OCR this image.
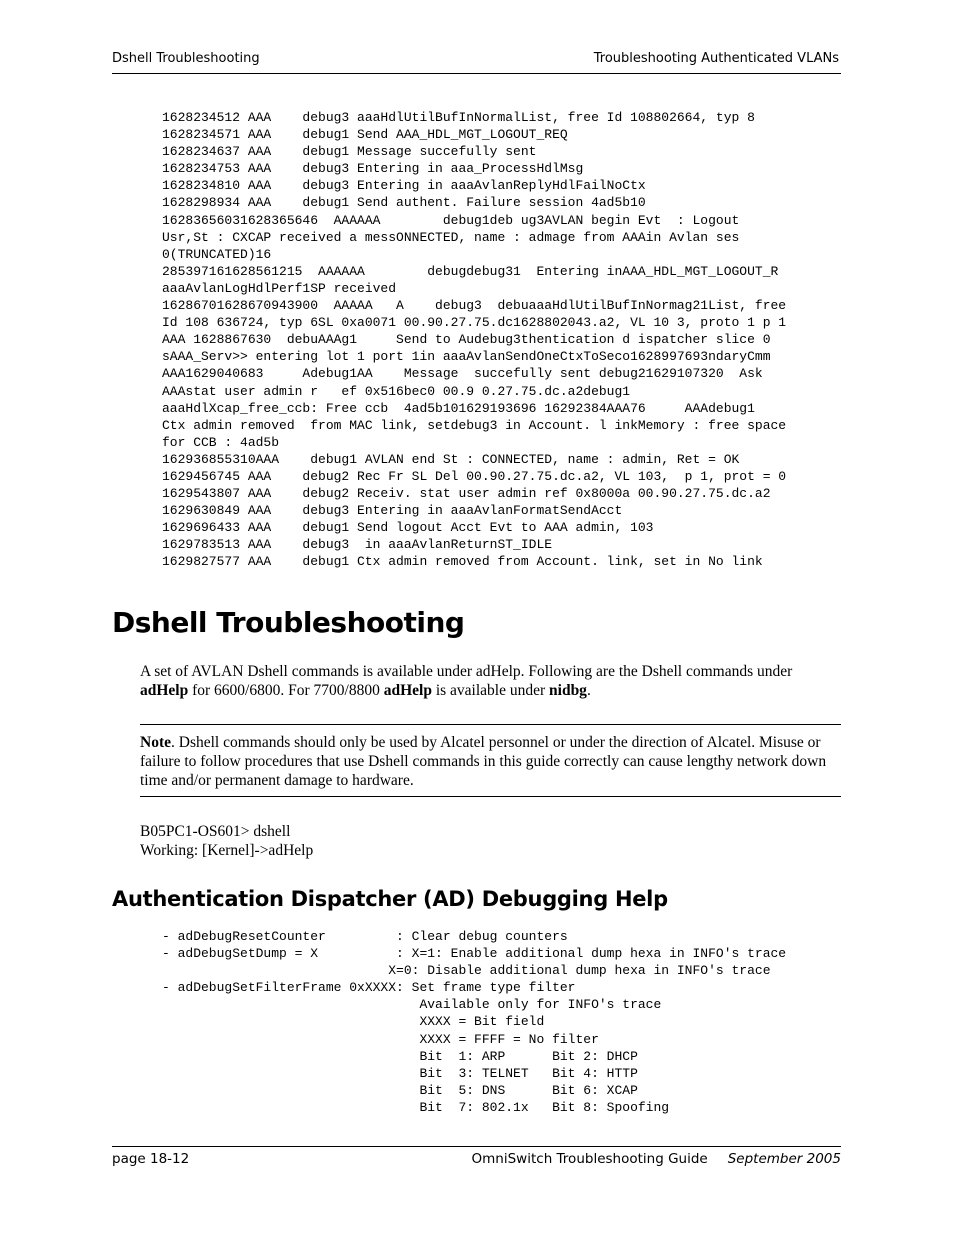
Dshell Troubleshooting	Troubleshooting Authenticated VLANs
1628234512 AAA    debug3 aaaHdlUtilBufInNormalList, free Id 108802664, typ 8
1628234571 AAA    debug1 Send AAA_HDL_MGT_LOGOUT_REQ
1628234637 AAA    debug1 Message succefully sent
1628234753 AAA    debug3 Entering in aaa_ProcessHdlMsg
1628234810 AAA    debug3 Entering in aaaAvlanReplyHdlFailNoCtx
1628298934 AAA    debug1 Send authent. Failure session 4ad5b10
16283656031628365646  AAAAAA        debug1deb ug3AVLAN begin Evt  : Logout
Usr,St : CXCAP received a messONNECTED, name : admage from AAAin Avlan ses
0(TRUNCATED)16
285397161628561215  AAAAAA        debugdebug31  Entering inAAA_HDL_MGT_LOGOUT_R
aaaAvlanLogHdlPerf1SP received
16286701628670943900  AAAAA   A    debug3  debuaaaHdlUtilBufInNormag21List, free
Id 108 636724, typ 6SL 0xa0071 00.90.27.75.dc1628802043.a2, VL 10 3, proto 1 p 1
AAA 1628867630  debuAAAg1     Send to Audebug3thentication d ispatcher slice 0
sAAA_Serv>> entering lot 1 port 1in aaaAvlanSendOneCtxToSeco1628997693ndaryCmm
AAA1629040683     Adebug1AA    Message  succefully sent debug21629107320  Ask
AAAstat user admin r   ef 0x516bec0 00.9 0.27.75.dc.a2debug1
aaaHdlXcap_free_ccb: Free ccb  4ad5b101629193696 16292384AAA76     AAAdebug1
Ctx admin removed  from MAC link, setdebug3 in Account. l inkMemory : free space
for CCB : 4ad5b
162936855310AAA    debug1 AVLAN end St : CONNECTED, name : admin, Ret = OK
1629456745 AAA    debug2 Rec Fr SL Del 00.90.27.75.dc.a2, VL 103,  p 1, prot = 0
1629543807 AAA    debug2 Receiv. stat user admin ref 0x8000a 00.90.27.75.dc.a2
1629630849 AAA    debug3 Entering in aaaAvlanFormatSendAcct
1629696433 AAA    debug1 Send logout Acct Evt to AAA admin, 103
1629783513 AAA    debug3  in aaaAvlanReturnST_IDLE
1629827577 AAA    debug1 Ctx admin removed from Account. link, set in No link
Dshell Troubleshooting

A set of AVLAN Dshell commands is available under adHelp. Following are the Dshell commands under adHelp for 6600/6800. For 7700/8800 adHelp is available under nidbg.

Note. Dshell commands should only be used by Alcatel personnel or under the direction of Alcatel. Misuse or failure to follow procedures that use Dshell commands in this guide correctly can cause lengthy network down time and/or permanent damage to hardware.

B05PC1-OS601> dshell
Working: [Kernel]->adHelp

Authentication Dispatcher (AD) Debugging Help
- adDebugResetCounter         : Clear debug counters
- adDebugSetDump = X          : X=1: Enable additional dump hexa in INFO's trace
X=0: Disable additional dump hexa in INFO's trace
- adDebugSetFilterFrame 0xXXXX: Set frame type filter
Available only for INFO's trace
XXXX = Bit field
XXXX = FFFF = No filter
Bit  1: ARP      Bit 2: DHCP
Bit  3: TELNET   Bit 4: HTTP
Bit  5: DNS      Bit 6: XCAP
Bit  7: 802.1x   Bit 8: Spoofing
page 18-12	OmniSwitch Troubleshooting Guide September 2005
